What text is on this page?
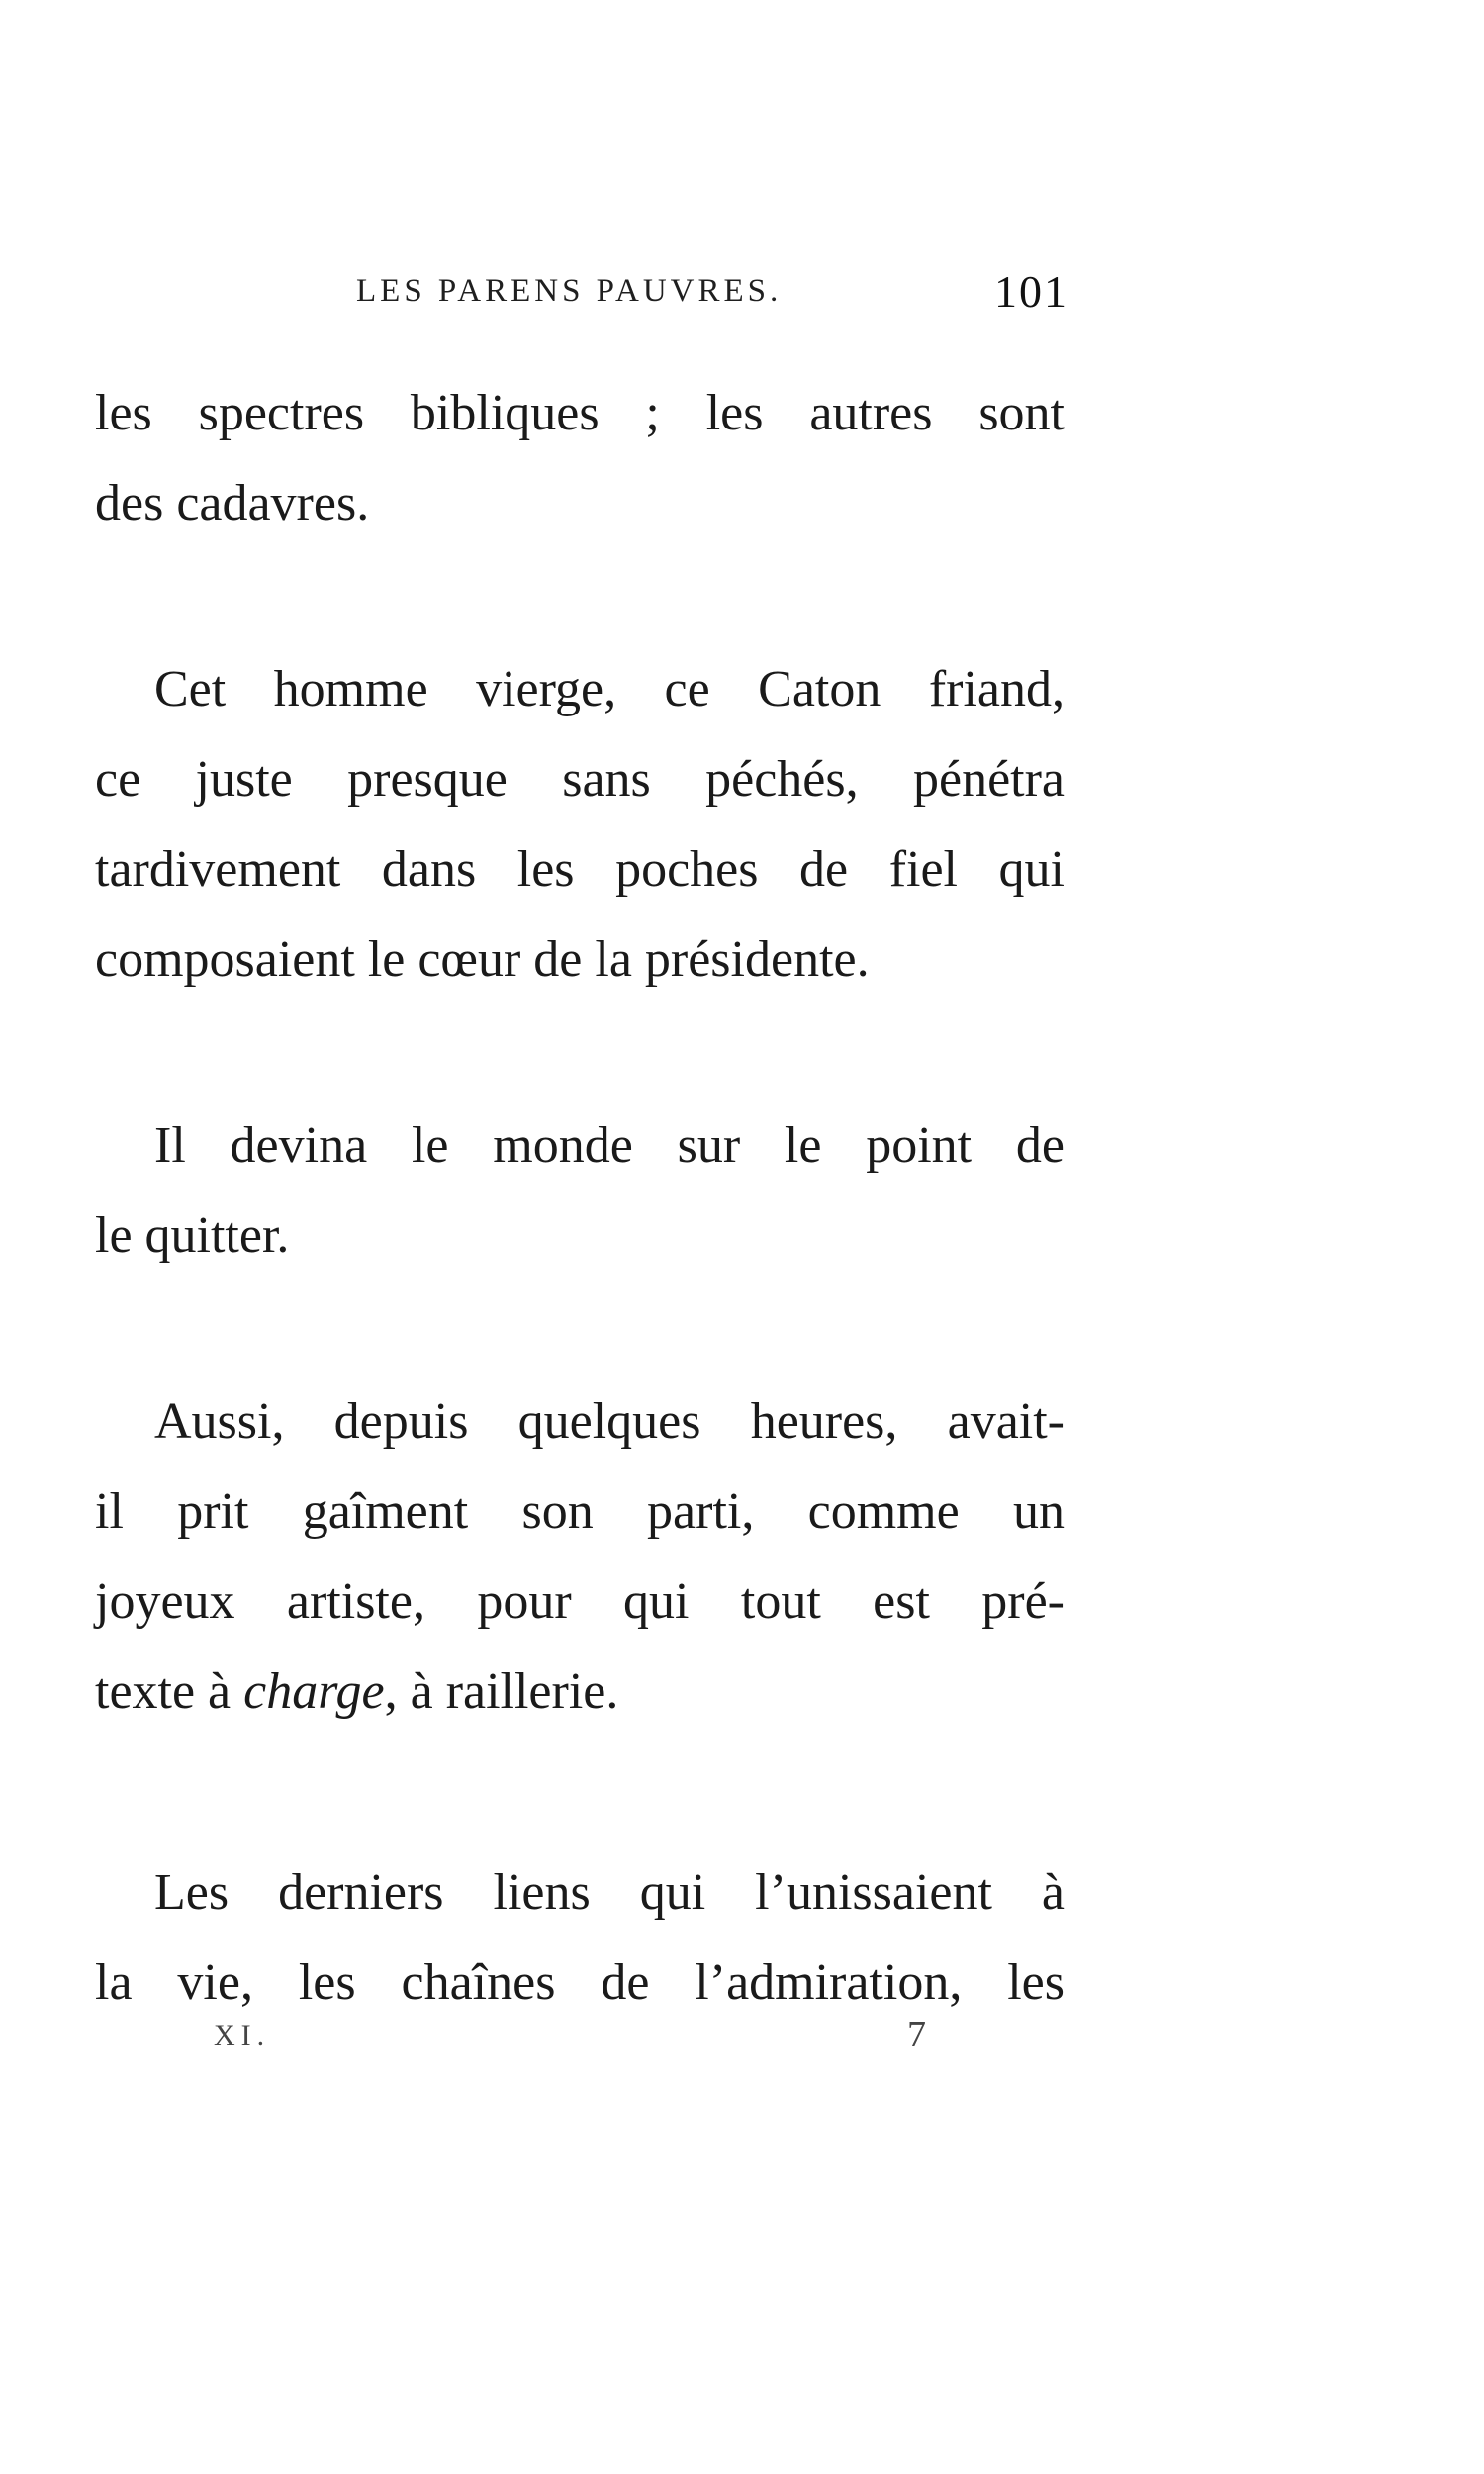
LES PARENS PAUVRES.	101
les spectres bibliques ; les autres sont
des cadavres.
Cet homme vierge, ce Caton friand,
ce juste presque sans péchés, pénétra
tardivement dans les poches de fiel qui
composaient le cœur de la présidente.
Il devina le monde sur le point de
le quitter.
Aussi, depuis quelques heures, avait-
il prit gaîment son parti, comme un
joyeux artiste, pour qui tout est pré-
texte à charge, à raillerie.
Les derniers liens qui l’unissaient à
la vie, les chaînes de l’admiration, les
XI.	7
